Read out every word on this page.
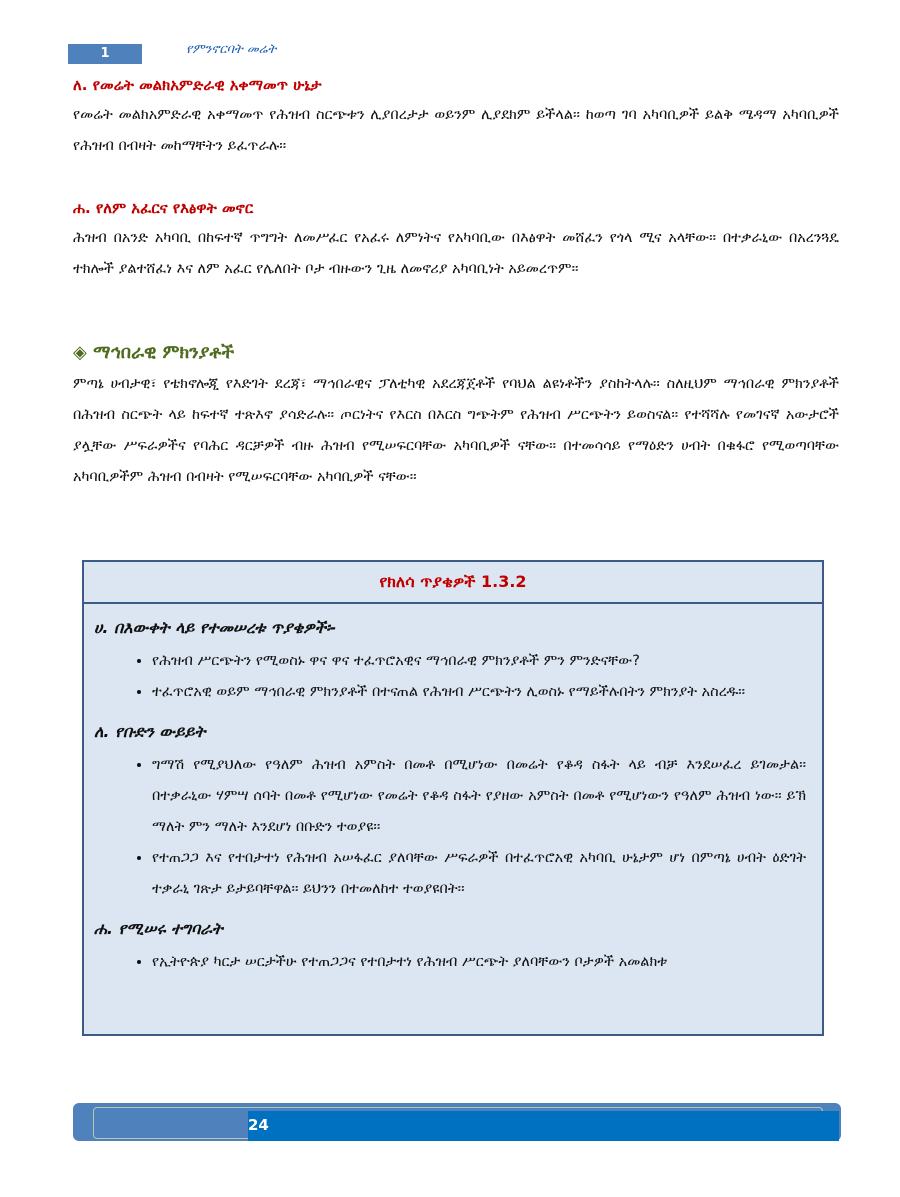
1	የምንኖርባት መሬት
ለ. የመሬት መልክአምድራዊ አቀማመጥ ሁኔታ

የመሬት መልክአምድራዊ አቀማመጥ የሕዝብ ስርጭቱን ሊያበረታታ ወይንም ሊያደክም ይችላል፡፡ ከወጣ ገባ አካባቢዎች ይልቅ ሜዳማ አካባቢዎች የሕዝብ በብዛት መከማቸትን ይፈጥራሉ፡፡

ሐ. የለም አፈርና የእፅዋት መኖር

ሕዝብ በአንድ አካባቢ በከፍተኛ ጥግግት ለመሥፈር የአፈሩ ለምነትና የአካባቢው በእፅዋት መሸፈን የጎላ ሚና አላቸው፡፡ በተቃራኒው በአረንጓዴ ተክሎች ያልተሸፈነ እና ለም አፈር የሌለበት ቦታ ብዙውን ጊዜ ለመኖሪያ አካባቢነት አይመረጥም፡፡

◈ ማኅበራዊ ምክንያቶች

ምጣኔ ሀብታዊ፣ የቴክኖሎጂ የእድገት ደረጃ፣ ማኅበራዊና ፓለቲካዊ አደረጃጀቶች የባህል ልዩነቶችን ያስከትላሉ፡፡ ስለዚህም ማኅበራዊ ምክንያቶች በሕዝብ ስርጭት ላይ ከፍተኛ ተጽእኖ ያሳድራሉ፡፡ ጦርነትና የእርስ በእርስ ግጭትም የሕዝብ ሥርጭትን ይወስናል፡፡ የተሻሻሉ የመገናኛ አውታሮች ያሏቸው ሥፍራዎችና የባሕር ዳርቻዎች ብዙ ሕዝብ የሚሠፍርባቸው አካባቢዎች ናቸው፡፡ በተመሳሳይ የማዕድን ሀብት በቁፋሮ የሚወጣባቸው አካባቢዎችም ሕዝብ በብዛት የሚሠፍርባቸው አካባቢዎች ናቸው፡፡

የክለሳ ጥያቄዎች 1.3.2
ሀ. በእውቀት ላይ የተመሠረቱ ጥያቄዎች፡-
• የሕዝብ ሥርጭትን የሚወስኑ ዋና ዋና ተፈጥሮአዊና ማኅበራዊ ምክንያቶች ምን ምንድናቸው?
• ተፈጥሮአዊ ወይም ማኅበራዊ ምክንያቶች በተናጠል የሕዝብ ሥርጭትን ሊወስኑ የማይችሉበትን ምክንያት አስረዱ፡፡
ለ. የቡድን ውይይት
• ግማሽ የሚያህለው የዓለም ሕዝብ አምስት በመቶ በሚሆነው በመሬት የቆዳ ስፋት ላይ ብቻ እንደሠፈረ ይገመታል፡፡ በተቃራኒው ሃምሣ ሰባት በመቶ የሚሆነው የመሬት የቆዳ ስፋት የያዘው አምስት በመቶ የሚሆነውን የዓለም ሕዝብ ነው፡፡ ይኽ ማለት ምን ማለት እንደሆነ በቡድን ተወያዩ፡፡
• የተጠጋጋ እና የተበታተነ የሕዝብ አሠፋፈር ያለባቸው ሥፍራዎች በተፈጥሮአዊ አካባቢ ሁኔታም ሆነ በምጣኔ ሀብት ዕድገት ተቃራኒ ገጽታ ይታይባቸዋል፡፡ ይህንን በተመለከተ ተወያዩበት፡፡
ሐ. የሚሠሩ ተግባራት
• የኢትዮጵያ ካርታ ሠርታችሁ የተጠጋጋና የተበታተነ የሕዝብ ሥርጭት ያለባቸውን ቦታዎች አመልክቱ
24
